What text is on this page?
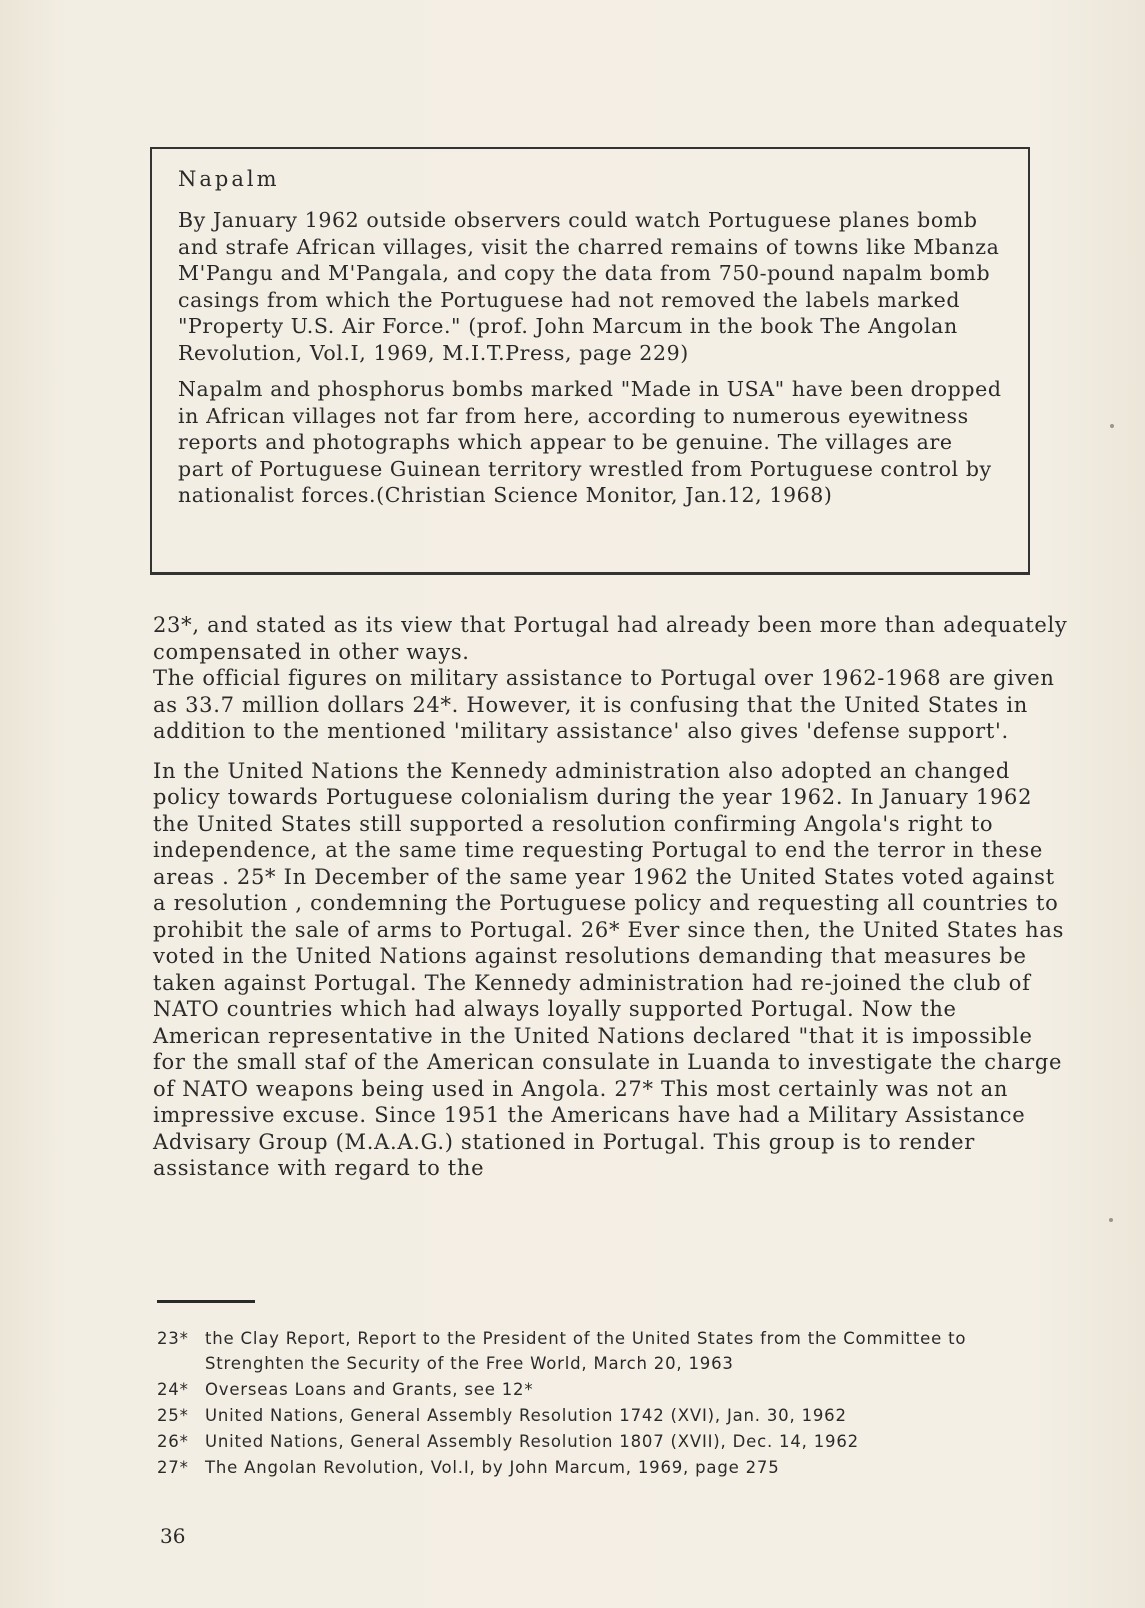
Napalm

By January 1962 outside observers could watch Portuguese planes bomb and strafe African villages, visit the charred remains of towns like Mbanza M'Pangu and M'Pangala, and copy the data from 750-pound napalm bomb casings from which the Portuguese had not removed the labels marked "Property U.S. Air Force." (prof. John Marcum in the book The Angolan Revolution, Vol.I, 1969, M.I.T.Press, page 229)

Napalm and phosphorus bombs marked "Made in USA" have been dropped in African villages not far from here, according to numerous eyewitness reports and photographs which appear to be genuine. The villages are part of Portuguese Guinean territory wrestled from Portuguese control by nationalist forces.(Christian Science Monitor, Jan.12, 1968)

23*, and stated as its view that Portugal had already been more than adequately compensated in other ways.

The official figures on military assistance to Portugal over 1962-1968 are given as 33.7 million dollars 24*. However, it is confusing that the United States in addition to the mentioned 'military assistance' also gives 'defense support'.

In the United Nations the Kennedy administration also adopted an changed policy towards Portuguese colonialism during the year 1962. In January 1962 the United States still supported a resolution confirming Angola's right to independence, at the same time requesting Portugal to end the terror in these areas . 25* In December of the same year 1962 the United States voted against a resolution , condemning the Portuguese policy and requesting all countries to prohibit the sale of arms to Portugal. 26* Ever since then, the United States has voted in the United Nations against resolutions demanding that measures be taken against Portugal. The Kennedy administration had re-joined the club of NATO countries which had always loyally supported Portugal. Now the American representative in the United Nations declared "that it is impossible for the small staf of the American consulate in Luanda to investigate the charge of NATO weapons being used in Angola. 27* This most certainly was not an impressive excuse. Since 1951 the Americans have had a Military Assistance Advisary Group (M.A.A.G.) stationed in Portugal. This group is to render assistance with regard to the

23* the Clay Report, Report to the President of the United States from the Committee to Strenghten the Security of the Free World, March 20, 1963
24* Overseas Loans and Grants, see 12*
25* United Nations, General Assembly Resolution 1742 (XVI), Jan. 30, 1962
26* United Nations, General Assembly Resolution 1807 (XVII), Dec. 14, 1962
27* The Angolan Revolution, Vol.I, by John Marcum, 1969, page 275
36
